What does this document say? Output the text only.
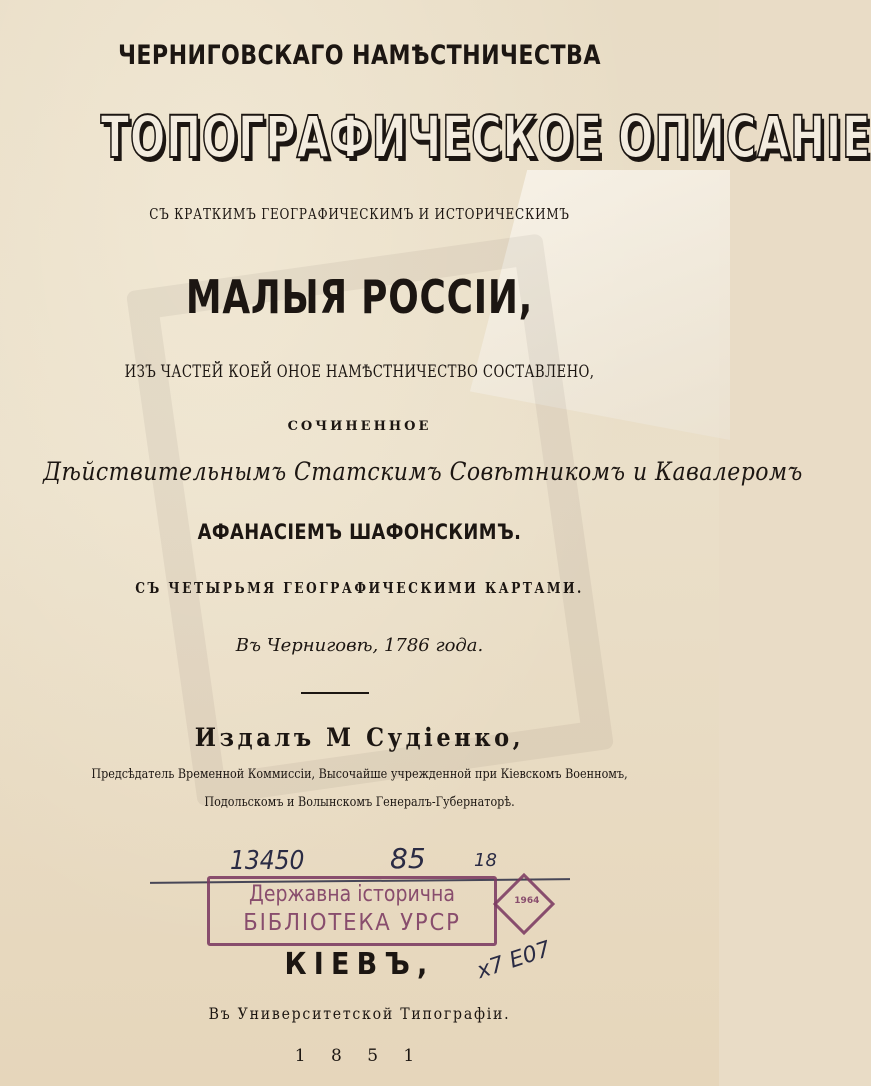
ЧЕРНИГОВСКАГО НАМѢСТНИЧЕСТВА
ТОПОГРАФИЧЕСКОЕ ОПИСАНІЕ
СЪ КРАТКИМЪ ГЕОГРАФИЧЕСКИМЪ И ИСТОРИЧЕСКИМЪ
МАЛЫЯ РОССІИ,
ИЗЪ ЧАСТЕЙ КОЕЙ ОНОЕ НАМѢСТНИЧЕСТВО СОСТАВЛЕНО,
СОЧИНЕННОЕ
Дѣйствительнымъ Статскимъ Совѣтникомъ и Кавалеромъ
АФАНАСІЕМЪ ШАФОНСКИМЪ.
СЪ ЧЕТЫРЬМЯ ГЕОГРАФИЧЕСКИМИ КАРТАМИ.
Въ Черниговѣ, 1786 года.
Издалъ М Судіенко,
Предсѣдатель Временной Коммиссіи, Высочайше учрежденной при Кіевскомъ Военномъ,
Подольскомъ и Волынскомъ Генералъ-Губернаторѣ.
13450	85	18
Державна історична
БІБЛІОТЕКА УРСР
1964
КІЕВЪ,	х7 Е07
Въ Университетской Типографіи.
1 8 5 1
